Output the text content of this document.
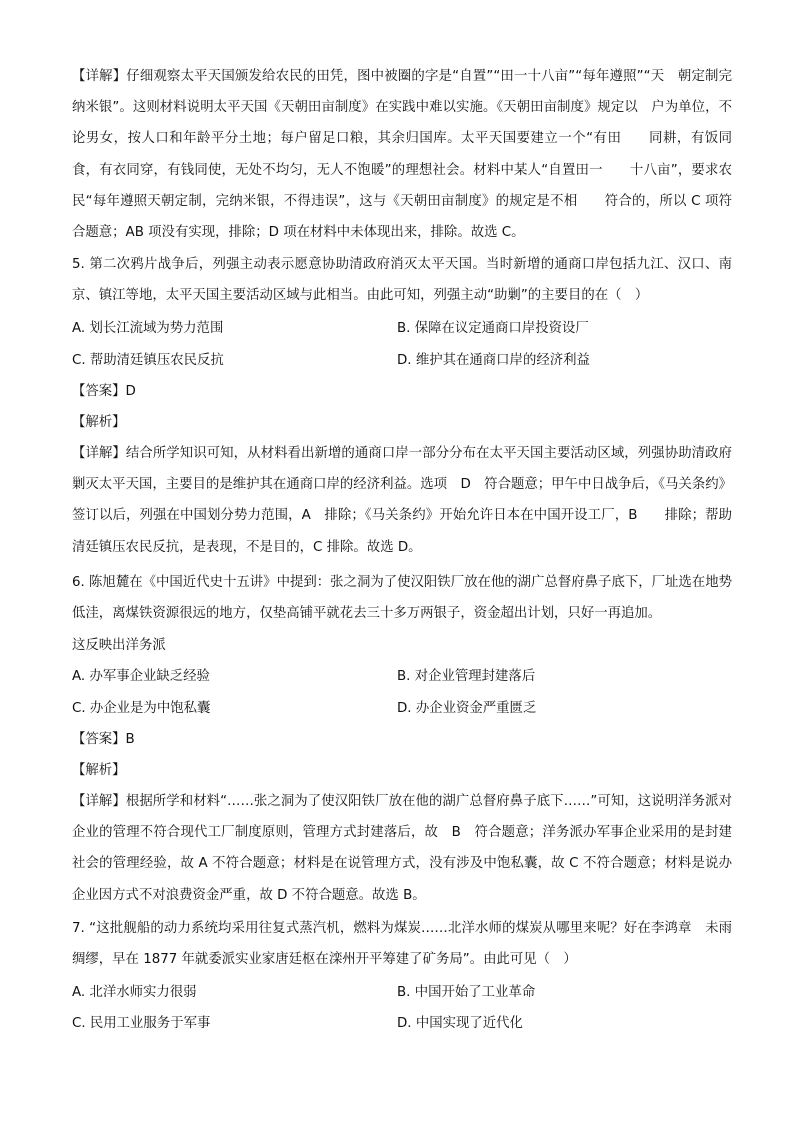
【详解】仔细观察太平天国颁发给农民的田凭，图中被圈的字是“自置”“田一十八亩”“每年遵照”“天　朝定制完纳米银”。这则材料说明太平天国《天朝田亩制度》在实践中难以实施。《天朝田亩制度》规定以　户为单位，不论男女，按人口和年龄平分土地；每户留足口粮，其余归国库。太平天国要建立一个“有田　　同耕，有饭同食，有衣同穿，有钱同使，无处不均匀，无人不饱暖”的理想社会。材料中某人“自置田一　　十八亩”，要求农民“每年遵照天朝定制，完纳米银，不得违误”，这与《天朝田亩制度》的规定是不相　　符合的，所以 C 项符合题意；AB 项没有实现，排除；D 项在材料中未体现出来，排除。故选 C。

5. 第二次鸦片战争后，列强主动表示愿意协助清政府消灭太平天国。当时新增的通商口岸包括九江、汉口、南京、镇江等地，太平天国主要活动区域与此相当。由此可知，列强主动“助剿”的主要目的在（　）

A. 划长江流域为势力范围	B. 保障在议定通商口岸投资设厂
C. 帮助清廷镇压农民反抗	D. 维护其在通商口岸的经济利益
【答案】D
【解析】

【详解】结合所学知识可知，从材料看出新增的通商口岸一部分分布在太平天国主要活动区域，列强协助清政府剿灭太平天国，主要目的是维护其在通商口岸的经济利益。选项　D　符合题意；甲午中日战争后，《马关条约》签订以后，列强在中国划分势力范围，A　排除；《马关条约》开始允许日本在中国开设工厂，B　　排除；帮助清廷镇压农民反抗，是表现，不是目的，C 排除。故选 D。

6. 陈旭麓在《中国近代史十五讲》中提到：张之洞为了使汉阳铁厂放在他的湖广总督府鼻子底下，厂址选在地势低洼，离煤铁资源很远的地方，仅垫高铺平就花去三十多万两银子，资金超出计划，只好一再追加。

这反映出洋务派
A. 办军事企业缺乏经验	B. 对企业管理封建落后
C. 办企业是为中饱私囊	D. 办企业资金严重匮乏
【答案】B
【解析】

【详解】根据所学和材料“……张之洞为了使汉阳铁厂放在他的湖广总督府鼻子底下……”可知，这说明洋务派对企业的管理不符合现代工厂制度原则，管理方式封建落后，故　B　符合题意；洋务派办军事企业采用的是封建社会的管理经验，故 A 不符合题意；材料是在说管理方式，没有涉及中饱私囊，故 C 不符合题意；材料是说办企业因方式不对浪费资金严重，故 D 不符合题意。故选 B。

7. “这批舰船的动力系统均采用往复式蒸汽机，燃料为煤炭……北洋水师的煤炭从哪里来呢？好在李鸿章　未雨绸缪，早在 1877 年就委派实业家唐廷枢在滦州开平筹建了矿务局”。由此可见（　）

A. 北洋水师实力很弱	B. 中国开始了工业革命
C. 民用工业服务于军事	D. 中国实现了近代化
